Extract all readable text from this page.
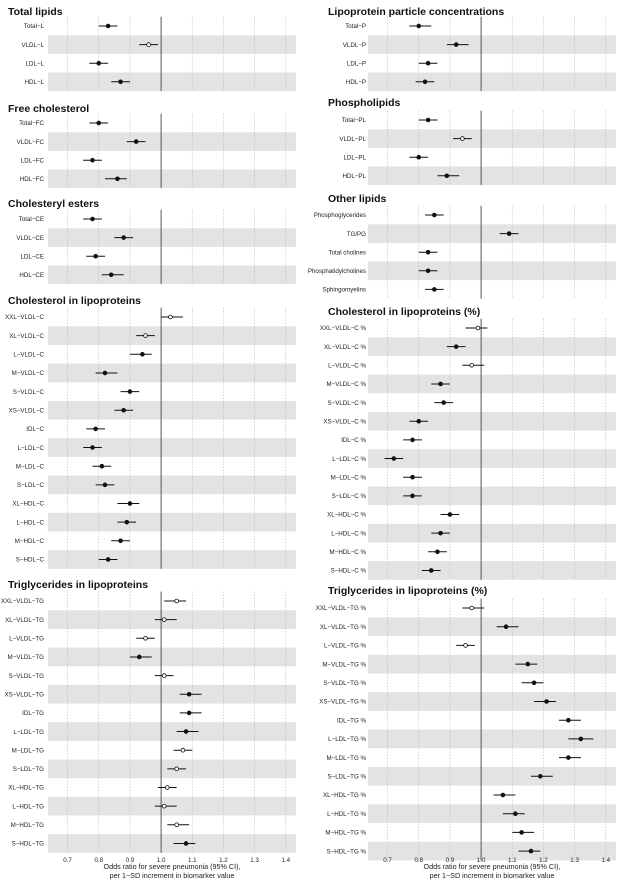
Total lipids
Total−L
VLDL−L
LDL−L
HDL−L
Free cholesterol
Total−FC
VLDL−FC
LDL−FC
HDL−FC
Cholesteryl esters
Total−CE
VLDL−CE
LDL−CE
HDL−CE
Cholesterol in lipoproteins
XXL−VLDL−C
XL−VLDL−C
L−VLDL−C
M−VLDL−C
S−VLDL−C
XS−VLDL−C
IDL−C
L−LDL−C
M−LDL−C
S−LDL−C
XL−HDL−C
L−HDL−C
M−HDL−C
S−HDL−C
Triglycerides in lipoproteins
XXL−VLDL−TG
XL−VLDL−TG
L−VLDL−TG
M−VLDL−TG
S−VLDL−TG
XS−VLDL−TG
IDL−TG
L−LDL−TG
M−LDL−TG
S−LDL−TG
XL−HDL−TG
L−HDL−TG
M−HDL−TG
S−HDL−TG
Lipoprotein particle concentrations
Total−P
VLDL−P
LDL−P
HDL−P
Phospholipids
Total−PL
VLDL−PL
LDL−PL
HDL−PL
Other lipids
Phosphoglycerides
TG/PG
Total cholines
Phosphatidylcholines
Sphingomyelins
Cholesterol in lipoproteins (%)
XXL−VLDL−C %
XL−VLDL−C %
L−VLDL−C %
M−VLDL−C %
S−VLDL−C %
XS−VLDL−C %
IDL−C %
L−LDL−C %
M−LDL−C %
S−LDL−C %
XL−HDL−C %
L−HDL−C %
M−HDL−C %
S−HDL−C %
Triglycerides in lipoproteins (%)
XXL−VLDL−TG %
XL−VLDL−TG %
L−VLDL−TG %
M−VLDL−TG %
S−VLDL−TG %
XS−VLDL−TG %
IDL−TG %
L−LDL−TG %
M−LDL−TG %
S−LDL−TG %
XL−HDL−TG %
L−HDL−TG %
M−HDL−TG %
S−HDL−TG %
0.7	0.8	0.9	1.0	1.1	1.2	1.3	1.4
Odds ratio for severe pneumonia (95% CI),
per 1−SD increment in biomarker value
0.7	0.8	0.9	1.0	1.1	1.2	1.3	1.4
Odds ratio for severe pneumonia (95% CI),
per 1−SD increment in biomarker value
